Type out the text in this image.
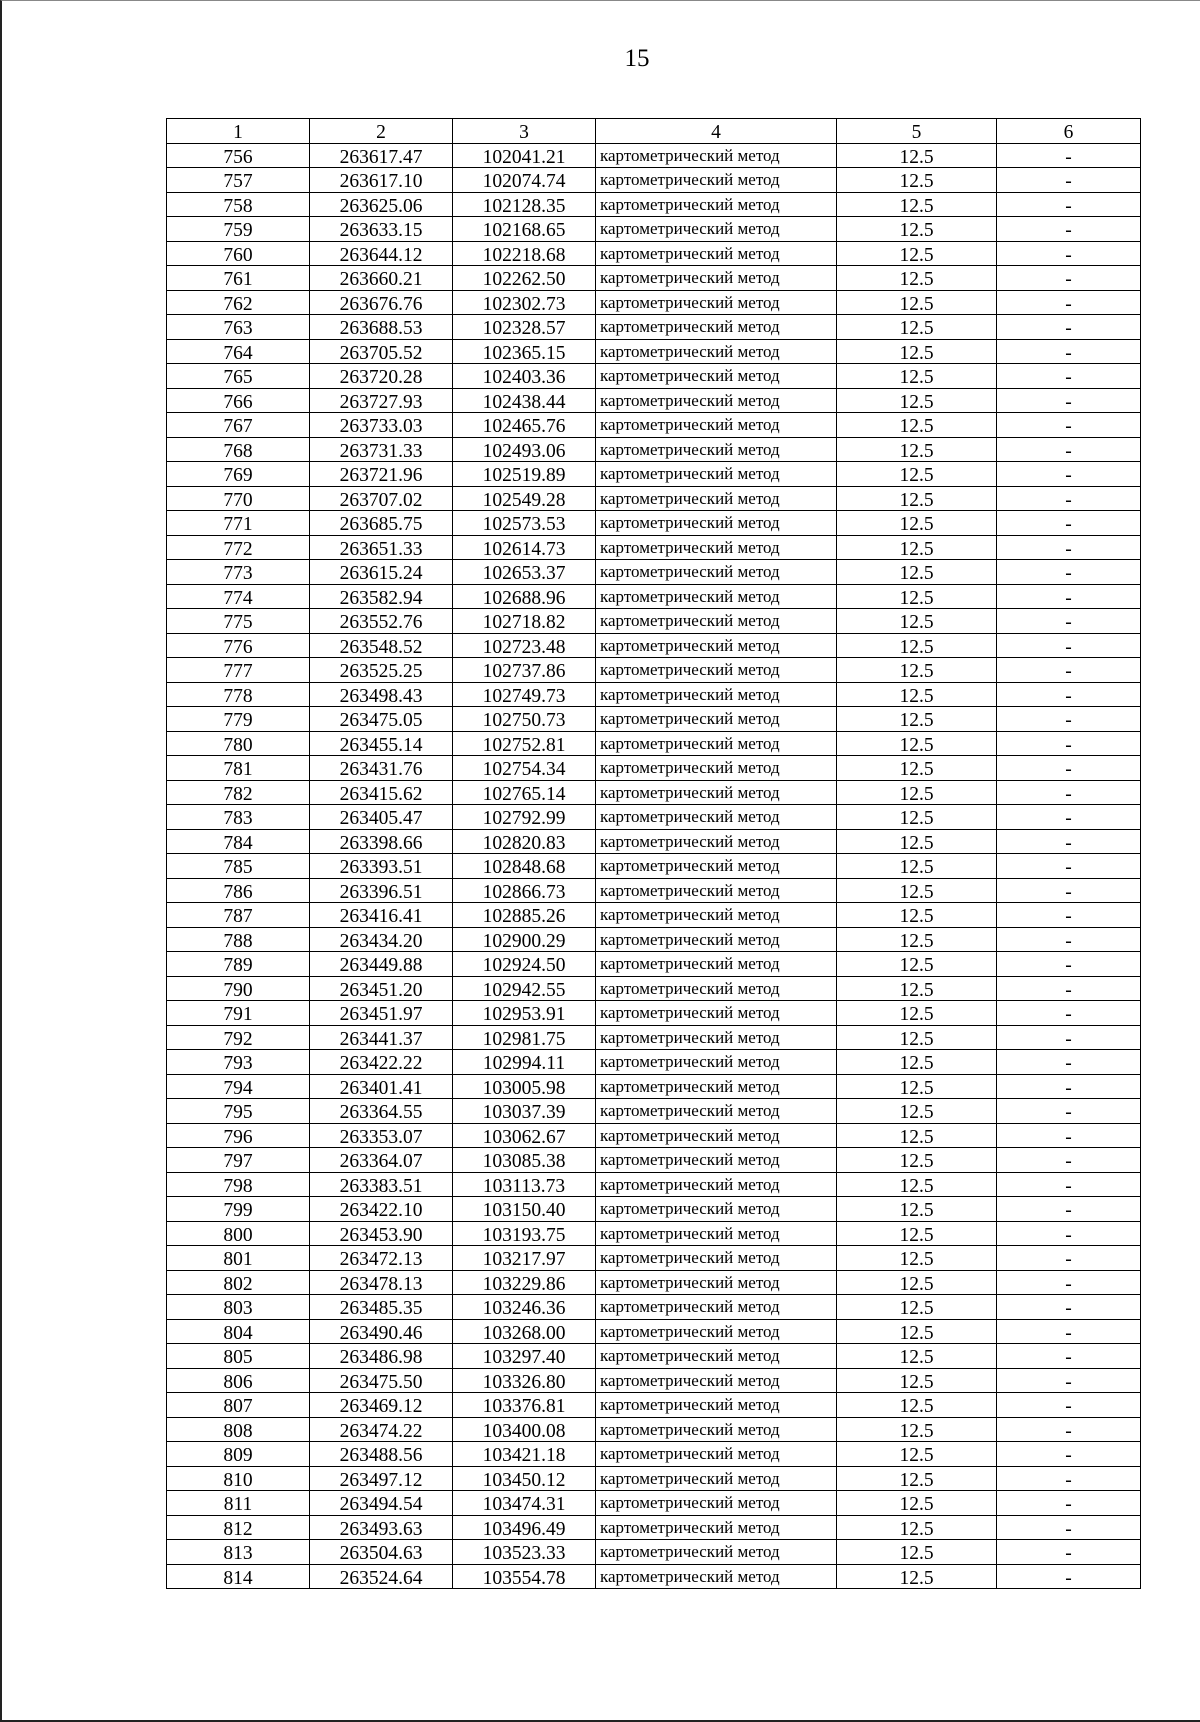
15
1	2	3	4	5	6
756	263617.47	102041.21	картометрический метод	12.5	-
757	263617.10	102074.74	картометрический метод	12.5	-
758	263625.06	102128.35	картометрический метод	12.5	-
759	263633.15	102168.65	картометрический метод	12.5	-
760	263644.12	102218.68	картометрический метод	12.5	-
761	263660.21	102262.50	картометрический метод	12.5	-
762	263676.76	102302.73	картометрический метод	12.5	-
763	263688.53	102328.57	картометрический метод	12.5	-
764	263705.52	102365.15	картометрический метод	12.5	-
765	263720.28	102403.36	картометрический метод	12.5	-
766	263727.93	102438.44	картометрический метод	12.5	-
767	263733.03	102465.76	картометрический метод	12.5	-
768	263731.33	102493.06	картометрический метод	12.5	-
769	263721.96	102519.89	картометрический метод	12.5	-
770	263707.02	102549.28	картометрический метод	12.5	-
771	263685.75	102573.53	картометрический метод	12.5	-
772	263651.33	102614.73	картометрический метод	12.5	-
773	263615.24	102653.37	картометрический метод	12.5	-
774	263582.94	102688.96	картометрический метод	12.5	-
775	263552.76	102718.82	картометрический метод	12.5	-
776	263548.52	102723.48	картометрический метод	12.5	-
777	263525.25	102737.86	картометрический метод	12.5	-
778	263498.43	102749.73	картометрический метод	12.5	-
779	263475.05	102750.73	картометрический метод	12.5	-
780	263455.14	102752.81	картометрический метод	12.5	-
781	263431.76	102754.34	картометрический метод	12.5	-
782	263415.62	102765.14	картометрический метод	12.5	-
783	263405.47	102792.99	картометрический метод	12.5	-
784	263398.66	102820.83	картометрический метод	12.5	-
785	263393.51	102848.68	картометрический метод	12.5	-
786	263396.51	102866.73	картометрический метод	12.5	-
787	263416.41	102885.26	картометрический метод	12.5	-
788	263434.20	102900.29	картометрический метод	12.5	-
789	263449.88	102924.50	картометрический метод	12.5	-
790	263451.20	102942.55	картометрический метод	12.5	-
791	263451.97	102953.91	картометрический метод	12.5	-
792	263441.37	102981.75	картометрический метод	12.5	-
793	263422.22	102994.11	картометрический метод	12.5	-
794	263401.41	103005.98	картометрический метод	12.5	-
795	263364.55	103037.39	картометрический метод	12.5	-
796	263353.07	103062.67	картометрический метод	12.5	-
797	263364.07	103085.38	картометрический метод	12.5	-
798	263383.51	103113.73	картометрический метод	12.5	-
799	263422.10	103150.40	картометрический метод	12.5	-
800	263453.90	103193.75	картометрический метод	12.5	-
801	263472.13	103217.97	картометрический метод	12.5	-
802	263478.13	103229.86	картометрический метод	12.5	-
803	263485.35	103246.36	картометрический метод	12.5	-
804	263490.46	103268.00	картометрический метод	12.5	-
805	263486.98	103297.40	картометрический метод	12.5	-
806	263475.50	103326.80	картометрический метод	12.5	-
807	263469.12	103376.81	картометрический метод	12.5	-
808	263474.22	103400.08	картометрический метод	12.5	-
809	263488.56	103421.18	картометрический метод	12.5	-
810	263497.12	103450.12	картометрический метод	12.5	-
811	263494.54	103474.31	картометрический метод	12.5	-
812	263493.63	103496.49	картометрический метод	12.5	-
813	263504.63	103523.33	картометрический метод	12.5	-
814	263524.64	103554.78	картометрический метод	12.5	-
